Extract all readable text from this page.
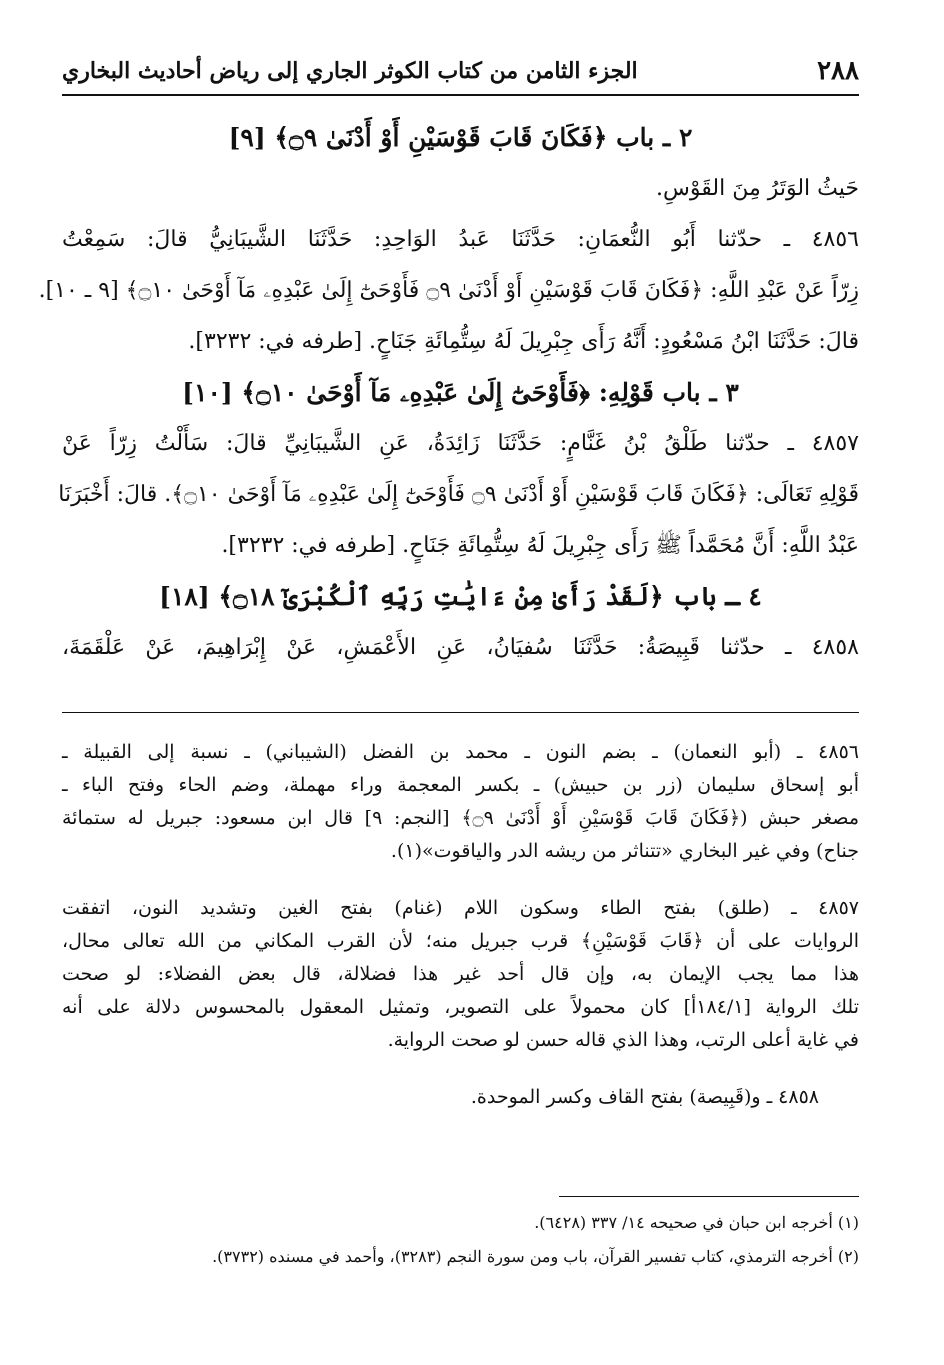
٢٨٨
الجزء الثامن من كتاب الكوثر الجاري إلى رياض أحاديث البخاري
٢ ـ باب ﴿فَكَانَ قَابَ قَوْسَيْنِ أَوْ أَدْنَىٰ ۝٩﴾ [٩]
حَيثُ الوَتَرُ مِنَ القَوْسِ.
٤٨٥٦ ـ حدّثنا أَبُو النُّعمَانِ: حَدَّثَنَا عَبدُ الوَاحِدِ: حَدَّثَنَا الشَّيبَانِيُّ قالَ: سَمِعْتُ
زِرّاً عَنْ عَبْدِ اللَّهِ: ﴿فَكَانَ قَابَ قَوْسَيْنِ أَوْ أَدْنَىٰ ۝٩ فَأَوْحَىٰٓ إِلَىٰ عَبْدِهِۦ مَآ أَوْحَىٰ ۝١٠﴾ [٩ ـ ١٠].
قالَ: حَدَّثَنَا ابْنُ مَسْعُودٍ: أَنَّهُ رَأَى جِبْرِيلَ لَهُ سِتُّمِائَةِ جَنَاحٍ. [طرفه في: ٣٢٣٢].
٣ ـ باب قَوْلِهِ: ﴿فَأَوْحَىٰٓ إِلَىٰ عَبْدِهِۦ مَآ أَوْحَىٰ ۝١٠﴾ [١٠]
٤٨٥٧ ـ حدّثنا طَلْقُ بْنُ غَنَّامٍ: حَدَّثَنَا زَائِدَةُ، عَنِ الشَّيبَانِيِّ قالَ: سَأَلْتُ زِرّاً عَنْ
قَوْلِهِ تَعَالَى: ﴿فَكَانَ قَابَ قَوْسَيْنِ أَوْ أَدْنَىٰ ۝٩ فَأَوْحَىٰٓ إِلَىٰ عَبْدِهِۦ مَآ أَوْحَىٰ ۝١٠﴾. قالَ: أَخْبَرَنَا
عَبْدُ اللَّهِ: أَنَّ مُحَمَّداً ﷺ رَأَى جِبْرِيلَ لَهُ سِتُّمِائَةِ جَنَاحٍ. [طرفه في: ٣٢٣٢].
٤ ـ باب ﴿لَقَدْ رَأَىٰ مِنْ ءَايَٰتِ رَبِّهِ ٱلْكُبْرَىٰٓ ۝١٨﴾ [١٨]
٤٨٥٨ ـ حدّثنا قَبِيصَةُ: حَدَّثَنَا سُفيَانُ، عَنِ الأَعْمَشِ، عَنْ إِبْرَاهِيمَ، عَنْ عَلْقَمَةَ،
٤٨٥٦ ـ (أبو النعمان) ـ بضم النون ـ محمد بن الفضل (الشيباني) ـ نسبة إلى القبيلة ـ
أبو إسحاق سليمان (زر بن حبيش) ـ بكسر المعجمة وراء مهملة، وضم الحاء وفتح الباء ـ
مصغر حبش (﴿فَكَانَ قَابَ قَوْسَيْنِ أَوْ أَدْنَىٰ ۝٩﴾ [النجم: ٩] قال ابن مسعود: جبريل له ستمائة
جناح) وفي غير البخاري «تتناثر من ريشه الدر والياقوت»(١).
٤٨٥٧ ـ (طلق) بفتح الطاء وسكون اللام (غنام) بفتح الغين وتشديد النون، اتفقت
الروايات على أن ﴿قَابَ قَوْسَيْنِ﴾ قرب جبريل منه؛ لأن القرب المكاني من الله تعالى محال،
هذا مما يجب الإيمان به، وإن قال أحد غير هذا فضلالة، قال بعض الفضلاء: لو صحت
تلك الرواية [١٨٤/١أ] كان محمولاً على التصوير، وتمثيل المعقول بالمحسوس دلالة على أنه
في غاية أعلى الرتب، وهذا الذي قاله حسن لو صحت الرواية.
٤٨٥٨ ـ و(قَبِيصة) بفتح القاف وكسر الموحدة.
(١) أخرجه ابن حبان في صحيحه ١٤/ ٣٣٧ (٦٤٢٨).
(٢) أخرجه الترمذي، كتاب تفسير القرآن، باب ومن سورة النجم (٣٢٨٣)، وأحمد في مسنده (٣٧٣٢).
